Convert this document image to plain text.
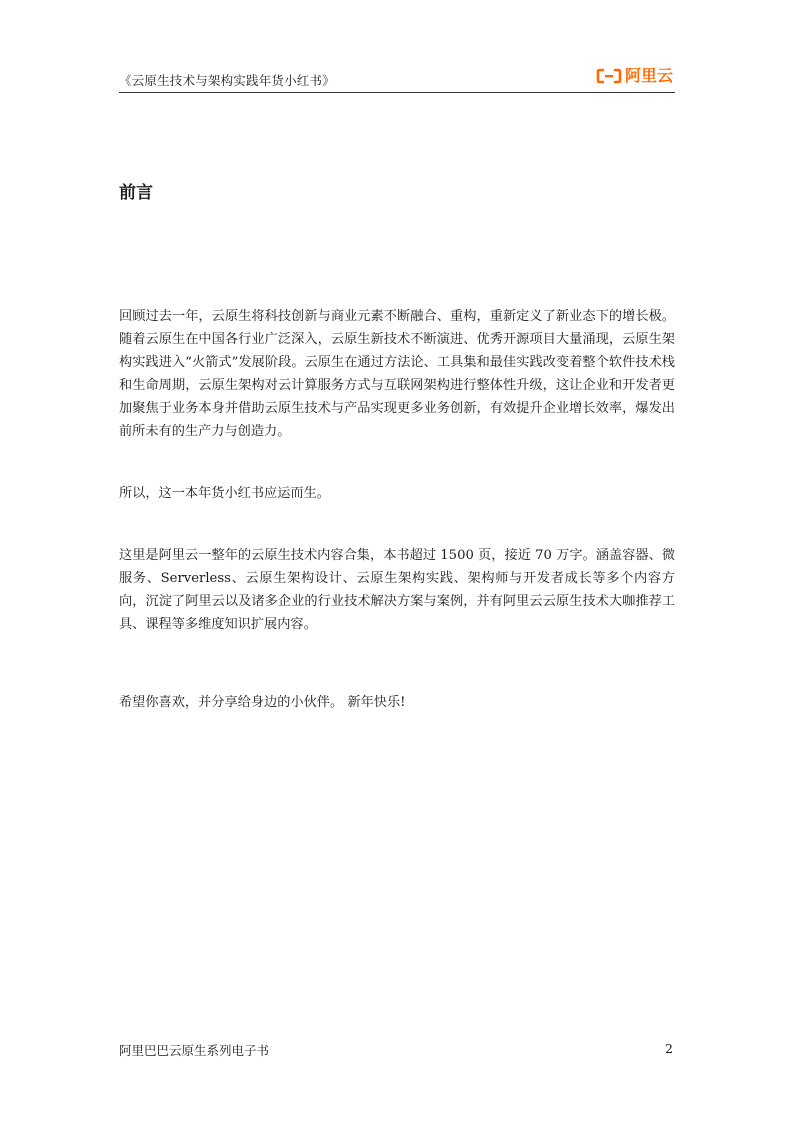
《云原生技术与架构实践年货小红书》	阿里云
前言

回顾过去一年，云原生将科技创新与商业元素不断融合、重构，重新定义了新业态下的增长极。随着云原生在中国各行业广泛深入，云原生新技术不断演进、优秀开源项目大量涌现，云原生架构实践进入“火箭式”发展阶段。云原生在通过方法论、工具集和最佳实践改变着整个软件技术栈和生命周期，云原生架构对云计算服务方式与互联网架构进行整体性升级，这让企业和开发者更加聚焦于业务本身并借助云原生技术与产品实现更多业务创新，有效提升企业增长效率，爆发出前所未有的生产力与创造力。

所以，这一本年货小红书应运而生。

这里是阿里云一整年的云原生技术内容合集，本书超过 1500 页，接近 70 万字。涵盖容器、微服务、Serverless、云原生架构设计、云原生架构实践、架构师与开发者成长等多个内容方向，沉淀了阿里云以及诸多企业的行业技术解决方案与案例，并有阿里云云原生技术大咖推荐工具、课程等多维度知识扩展内容。

希望你喜欢，并分享给身边的小伙伴。 新年快乐!

阿里巴巴云原生系列电子书	2
